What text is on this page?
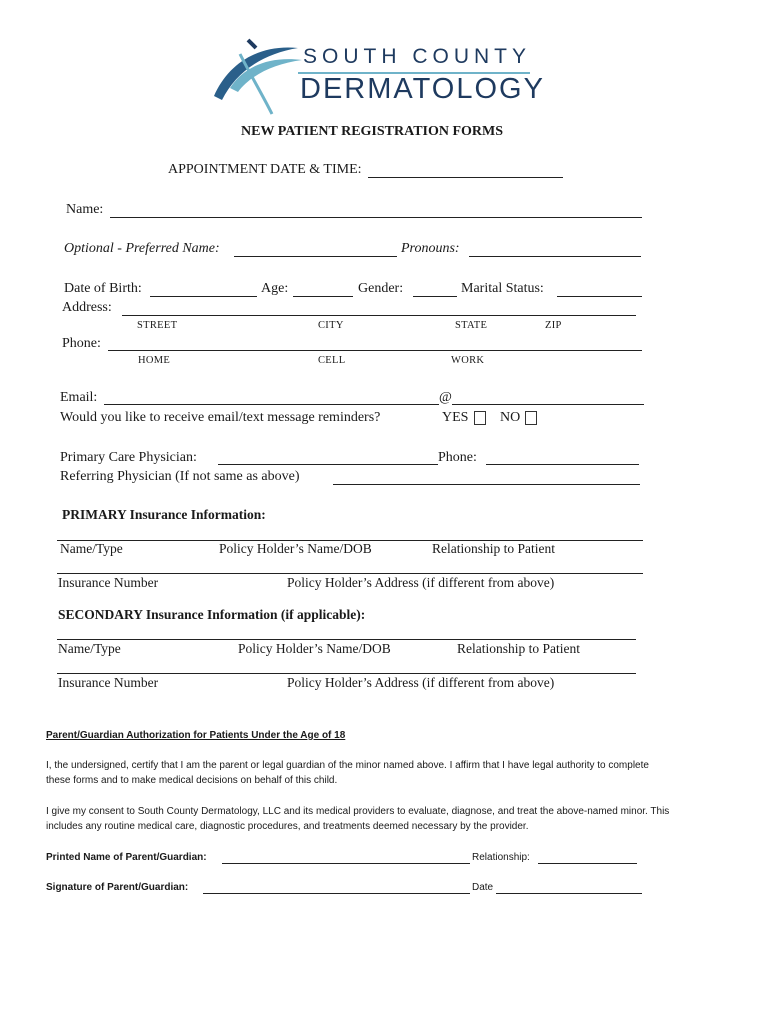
SOUTH COUNTY
DERMATOLOGY
NEW PATIENT REGISTRATION FORMS
APPOINTMENT DATE & TIME:
Name:
Optional - Preferred Name:	Pronouns:
Date of Birth:	Age:	Gender:	Marital Status:
Address:
STREET	CITY	STATE	ZIP
Phone:
HOME	CELL	WORK
Email:	@
Would you like to receive email/text message reminders?	YES NO
Primary Care Physician:	Phone:
Referring Physician (If not same as above)
PRIMARY Insurance Information:
Name/Type	Policy Holder’s Name/DOB	Relationship to Patient
Insurance Number	Policy Holder’s Address (if different from above)
SECONDARY Insurance Information (if applicable):
Name/Type	Policy Holder’s Name/DOB	Relationship to Patient
Insurance Number	Policy Holder’s Address (if different from above)
Parent/Guardian Authorization for Patients Under the Age of 18
I, the undersigned, certify that I am the parent or legal guardian of the minor named above. I affirm that I have legal authority to complete
these forms and to make medical decisions on behalf of this child.
I give my consent to South County Dermatology, LLC and its medical providers to evaluate, diagnose, and treat the above-named minor. This
includes any routine medical care, diagnostic procedures, and treatments deemed necessary by the provider.
Printed Name of Parent/Guardian:	Relationship:
Signature of Parent/Guardian:	Date
